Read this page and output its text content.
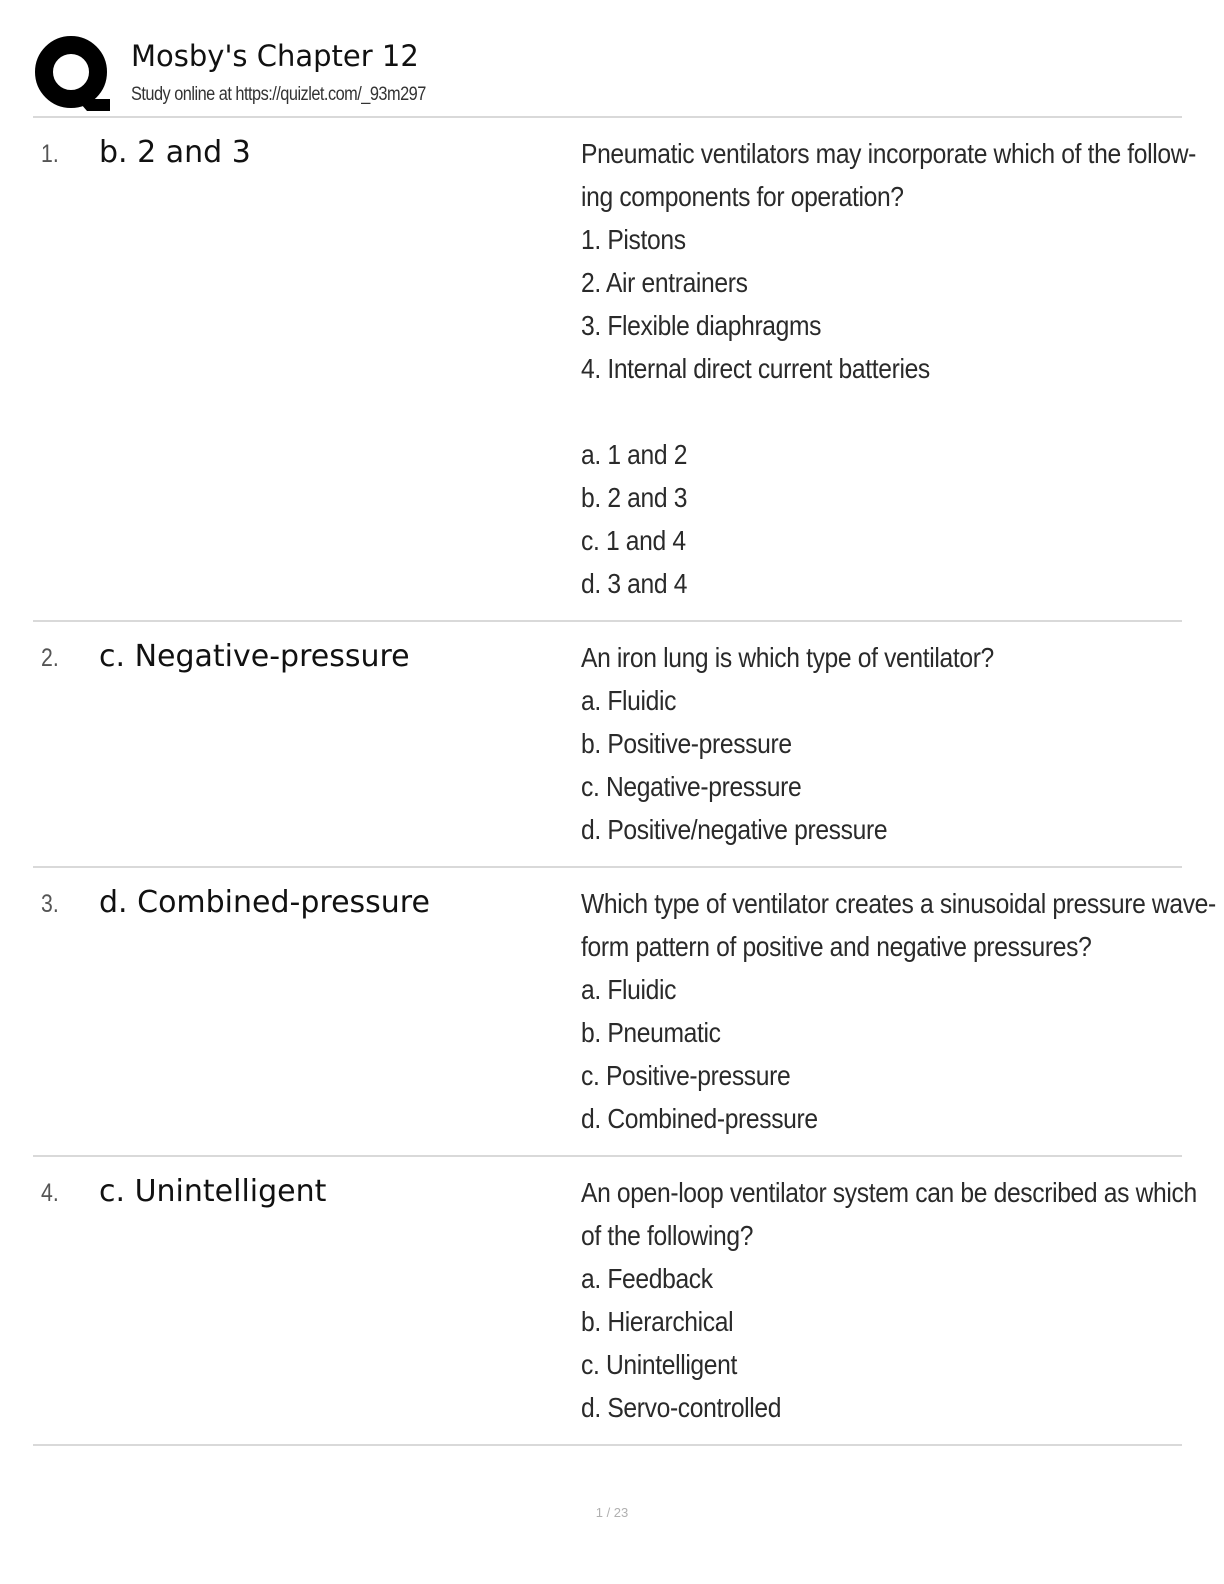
Mosby's Chapter 12
Study online at https://quizlet.com/_93m297
1. b. 2 and 3	Pneumatic ventilators may incorporate which of the follow-
ing components for operation?
1. Pistons
2. Air entrainers
3. Flexible diaphragms
4. Internal direct current batteries
a. 1 and 2
b. 2 and 3
c. 1 and 4
d. 3 and 4
2. c. Negative-pressure	An iron lung is which type of ventilator?
a. Fluidic
b. Positive-pressure
c. Negative-pressure
d. Positive/negative pressure
3. d. Combined-pressure	Which type of ventilator creates a sinusoidal pressure wave-
form pattern of positive and negative pressures?
a. Fluidic
b. Pneumatic
c. Positive-pressure
d. Combined-pressure
4. c. Unintelligent	An open-loop ventilator system can be described as which
of the following?
a. Feedback
b. Hierarchical
c. Unintelligent
d. Servo-controlled
1 / 23
